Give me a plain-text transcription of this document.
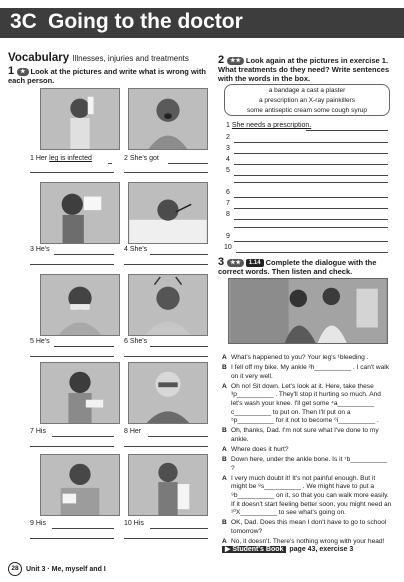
3C Going to the doctor
Vocabulary Illnesses, injuries and treatments
1 ★ Look at the pictures and write what is wrong with each person.
1 Her leg is infected	2 She's got
3 He's	4 She's
5 He's	6 She's
7 His	8 Her
9 His	10 His
2 ★★ Look again at the pictures in exercise 1. What treatments do they need? Write sentences with the words in the box.
a bandage a cast a plaster
a prescription an X-ray painkillers
some antiseptic cream some cough syrup
1 She needs a prescription.
2
3
4
5
6
7
8
9
10
3 ★★ 1.14 Complete the dialogue with the correct words. Then listen and check.
A What's happened to you? Your leg's ¹bleeding .
B I fell off my bike. My ankle ²h__________ . I can't walk on it very well.
A Oh no! Sit down. Let's look at it. Here, take these ³p__________ . They'll stop it hurting so much. And let's wash your knee. I'll get some ⁴a__________ c__________ to put on. Then I'll put on a ⁵p__________ for it not to become ⁶i__________ .
B Oh, thanks, Dad. I'm not sure what I've done to my ankle.
A Where does it hurt?
B Down here, under the ankle bone. Is it ⁷b__________ ?
A I very much doubt it! It's not painful enough. But it might be ⁸s__________ . We might have to put a ⁹b__________ on it, so that you can walk more easily. If it doesn't start feeling better soon, you might need an ¹⁰X__________ to see what's going on.
B OK, Dad. Does this mean I don't have to go to school tomorrow?
A No, it doesn't. There's nothing wrong with your head!
▶ Student's Book page 43, exercise 3
28 Unit 3 · Me, myself and I
